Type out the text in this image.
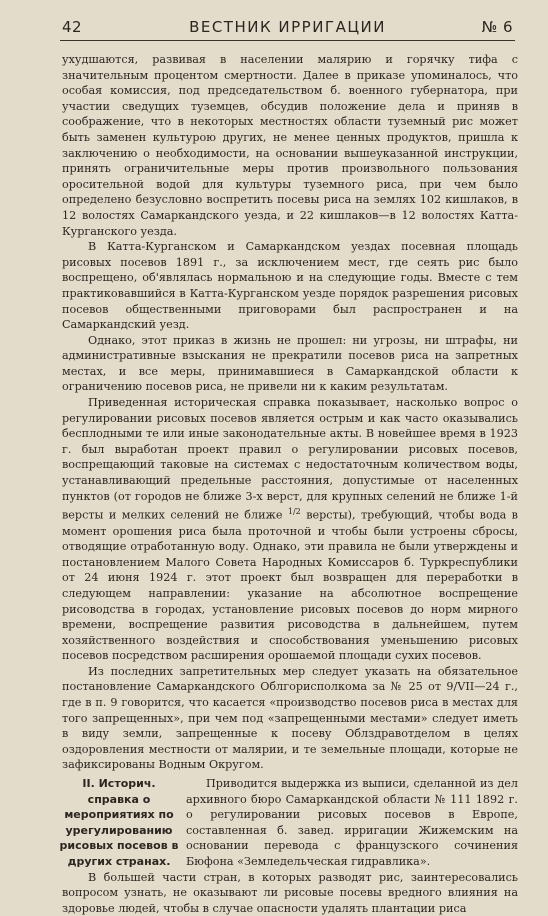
42	ВЕСТНИК ИРРИГАЦИИ	№ 6

ухудшаются, развивая в населении малярию и горячку тифа с значительным процентом смертности. Далее в приказе упоминалось, что особая комиссия, под председательством б. военного губернатора, при участии сведущих туземцев, обсудив положение дела и приняв в соображение, что в некоторых местностях области туземный рис может быть заменен культурою других, не менее ценных продуктов, пришла к заключению о необходимости, на основании вышеуказанной инструкции, принять ограничительные меры против произвольного пользования оросительной водой для культуры туземного риса, при чем было определено безусловно воспретить посевы риса на землях 102 кишлаков, в 12 волостях Самаркандского уезда, и 22 кишлаков—в 12 волостях Катта-Курганского уезда.

В Катта-Курганском и Самаркандском уездах посевная площадь рисовых посевов 1891 г., за исключением мест, где сеять рис было воспрещено, об'являлась нормальною и на следующие годы. Вместе с тем практиковавшийся в Катта-Курганском уезде порядок разрешения рисовых посевов общественными приговорами был распространен и на Самаркандский уезд.

Однако, этот приказ в жизнь не прошел: ни угрозы, ни штрафы, ни административные взыскания не прекратили посевов риса на запретных местах, и все меры, принимавшиеся в Самаркандской области к ограничению посевов риса, не привели ни к каким результатам.

Приведенная историческая справка показывает, насколько вопрос о регулировании рисовых посевов является острым и как часто оказывались бесплодными те или иные законодательные акты. В новейшее время в 1923 г. был выработан проект правил о регулировании рисовых посевов, воспрещающий таковые на системах с недостаточным количеством воды, устанавливающий предельные расстояния, допустимые от населенных пунктов (от городов не ближе 3-х верст, для крупных селений не ближе 1-й версты и мелких селений не ближе $^{1/2}$ версты), требующий, чтобы вода в момент орошения риса была проточной и чтобы были устроены сбросы, отводящие отработанную воду. Однако, эти правила не были утверждены и постановлением Малого Совета Народных Комиссаров б. Туркреспублики от 24 июня 1924 г. этот проект был возвращен для переработки в следующем направлении: указание на абсолютное воспрещение рисоводства в городах, установление рисовых посевов до норм мирного времени, воспрещение развития рисоводства в дальнейшем, путем хозяйственного воздействия и способствования уменьшению рисовых посевов посредством расширения орошаемой площади сухих посевов.

Из последних запретительных мер следует указать на обязательное постановление Самаркандского Облгорисполкома за № 25 от 9/VII—24 г., где в п. 9 говорится, что касается «производство посевов риса в местах для того запрещенных», при чем под «запрещенными местами» следует иметь в виду земли, запрещенные к посеву Облздравотделом в целях оздоровления местности от малярии, и те земельные площади, которые не зафиксированы Водным Округом.

II. Историч. справка о мероприятиях по урегулированию рисовых посевов в других странах.

Приводится выдержка из выписи, сделанной из дел архивного бюро Самаркандской области № 111 1892 г. о регулировании рисовых посевов в Европе, составленная б. завед. ирригации Жижемским на основании перевода с французского сочинения Бюфона «Земледельческая гидравлика».

В большей части стран, в которых разводят рис, заинтересовались вопросом узнать, не оказывают ли рисовые посевы вредного влияния на здоровье людей, чтобы в случае опасности удалять плантации риса
